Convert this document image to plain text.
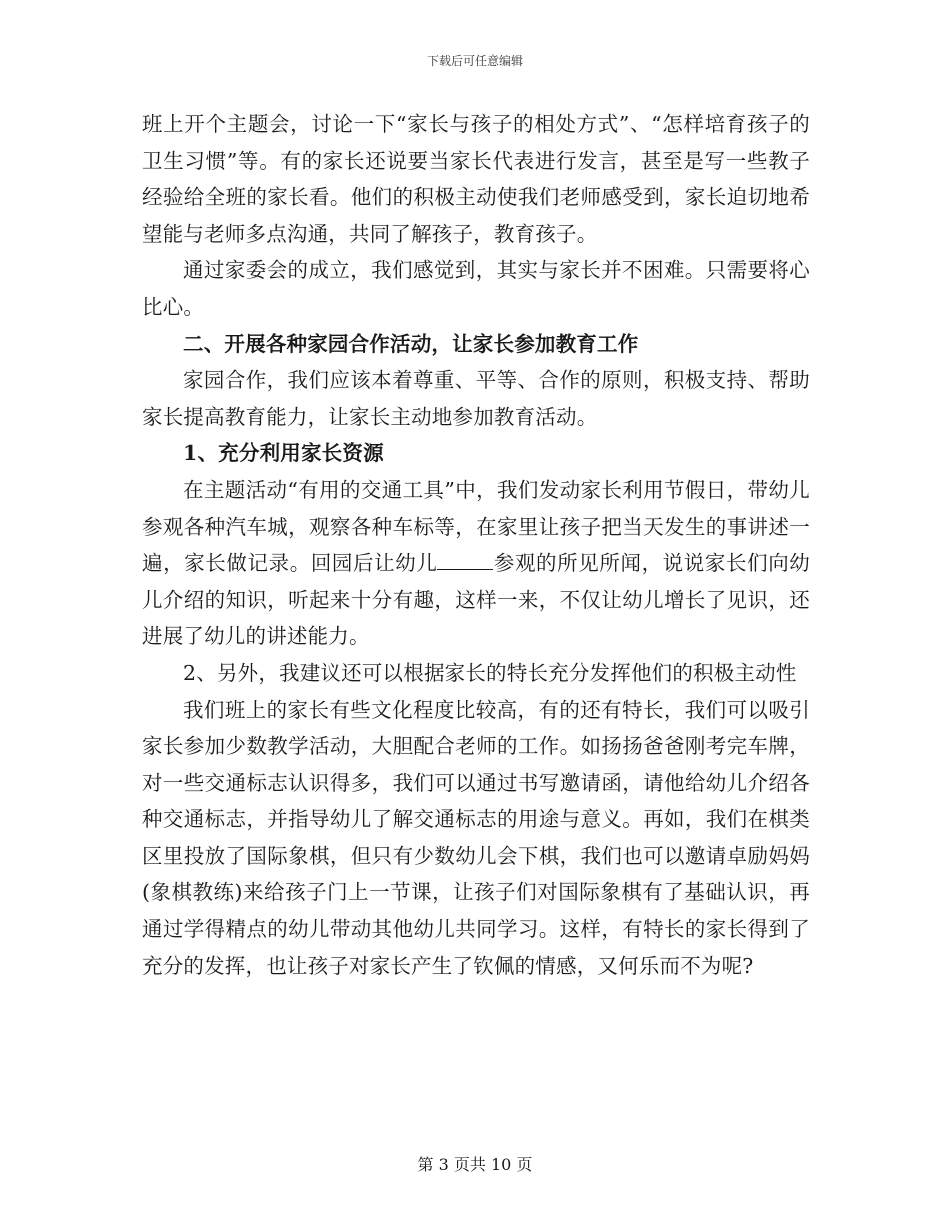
下载后可任意编辑

班上开个主题会，讨论一下“家长与孩子的相处方式”、“怎样培育孩子的卫生习惯”等。有的家长还说要当家长代表进行发言，甚至是写一些教子经验给全班的家长看。他们的积极主动使我们老师感受到，家长迫切地希望能与老师多点沟通，共同了解孩子，教育孩子。

通过家委会的成立，我们感觉到，其实与家长并不困难。只需要将心比心。

二、开展各种家园合作活动，让家长参加教育工作

家园合作，我们应该本着尊重、平等、合作的原则，积极支持、帮助家长提高教育能力，让家长主动地参加教育活动。

1、充分利用家长资源

在主题活动“有用的交通工具”中，我们发动家长利用节假日，带幼儿参观各种汽车城，观察各种车标等，在家里让孩子把当天发生的事讲述一遍，家长做记录。回园后让幼儿	参观的所见所闻，说说家长们向幼儿介绍的知识，听起来十分有趣，这样一来，不仅让幼儿增长了见识，还进展了幼儿的讲述能力。

2、另外，我建议还可以根据家长的特长充分发挥他们的积极主动性

我们班上的家长有些文化程度比较高，有的还有特长，我们可以吸引家长参加少数教学活动，大胆配合老师的工作。如扬扬爸爸刚考完车牌，对一些交通标志认识得多，我们可以通过书写邀请函，请他给幼儿介绍各种交通标志，并指导幼儿了解交通标志的用途与意义。再如，我们在棋类区里投放了国际象棋，但只有少数幼儿会下棋，我们也可以邀请卓励妈妈(象棋教练)来给孩子门上一节课，让孩子们对国际象棋有了基础认识，再通过学得精点的幼儿带动其他幼儿共同学习。这样，有特长的家长得到了充分的发挥，也让孩子对家长产生了钦佩的情感，又何乐而不为呢?

第 3 页共 10 页
